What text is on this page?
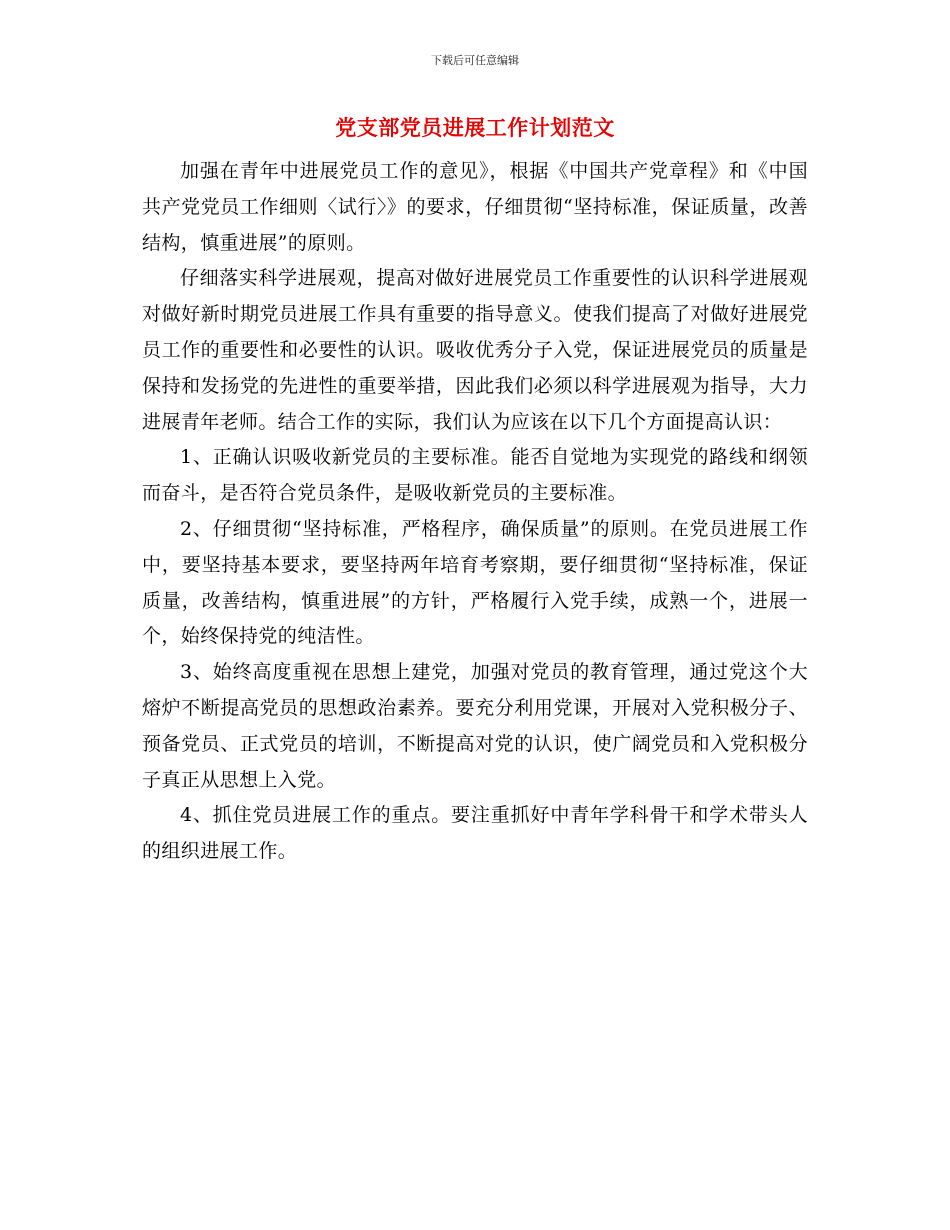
下载后可任意编辑
党支部党员进展工作计划范文

加强在青年中进展党员工作的意见》，根据《中国共产党章程》和《中国共产党党员工作细则〈试行〉》的要求，仔细贯彻“坚持标准，保证质量，改善结构，慎重进展”的原则。

仔细落实科学进展观，提高对做好进展党员工作重要性的认识科学进展观对做好新时期党员进展工作具有重要的指导意义。使我们提高了对做好进展党员工作的重要性和必要性的认识。吸收优秀分子入党，保证进展党员的质量是保持和发扬党的先进性的重要举措，因此我们必须以科学进展观为指导，大力进展青年老师。结合工作的实际，我们认为应该在以下几个方面提高认识：

1、正确认识吸收新党员的主要标准。能否自觉地为实现党的路线和纲领而奋斗，是否符合党员条件，是吸收新党员的主要标准。

2、仔细贯彻“坚持标准，严格程序，确保质量”的原则。在党员进展工作中，要坚持基本要求，要坚持两年培育考察期，要仔细贯彻“坚持标准，保证质量，改善结构，慎重进展”的方针，严格履行入党手续，成熟一个，进展一个，始终保持党的纯洁性。

3、始终高度重视在思想上建党，加强对党员的教育管理，通过党这个大熔炉不断提高党员的思想政治素养。要充分利用党课，开展对入党积极分子、预备党员、正式党员的培训，不断提高对党的认识，使广阔党员和入党积极分子真正从思想上入党。

4、抓住党员进展工作的重点。要注重抓好中青年学科骨干和学术带头人的组织进展工作。
